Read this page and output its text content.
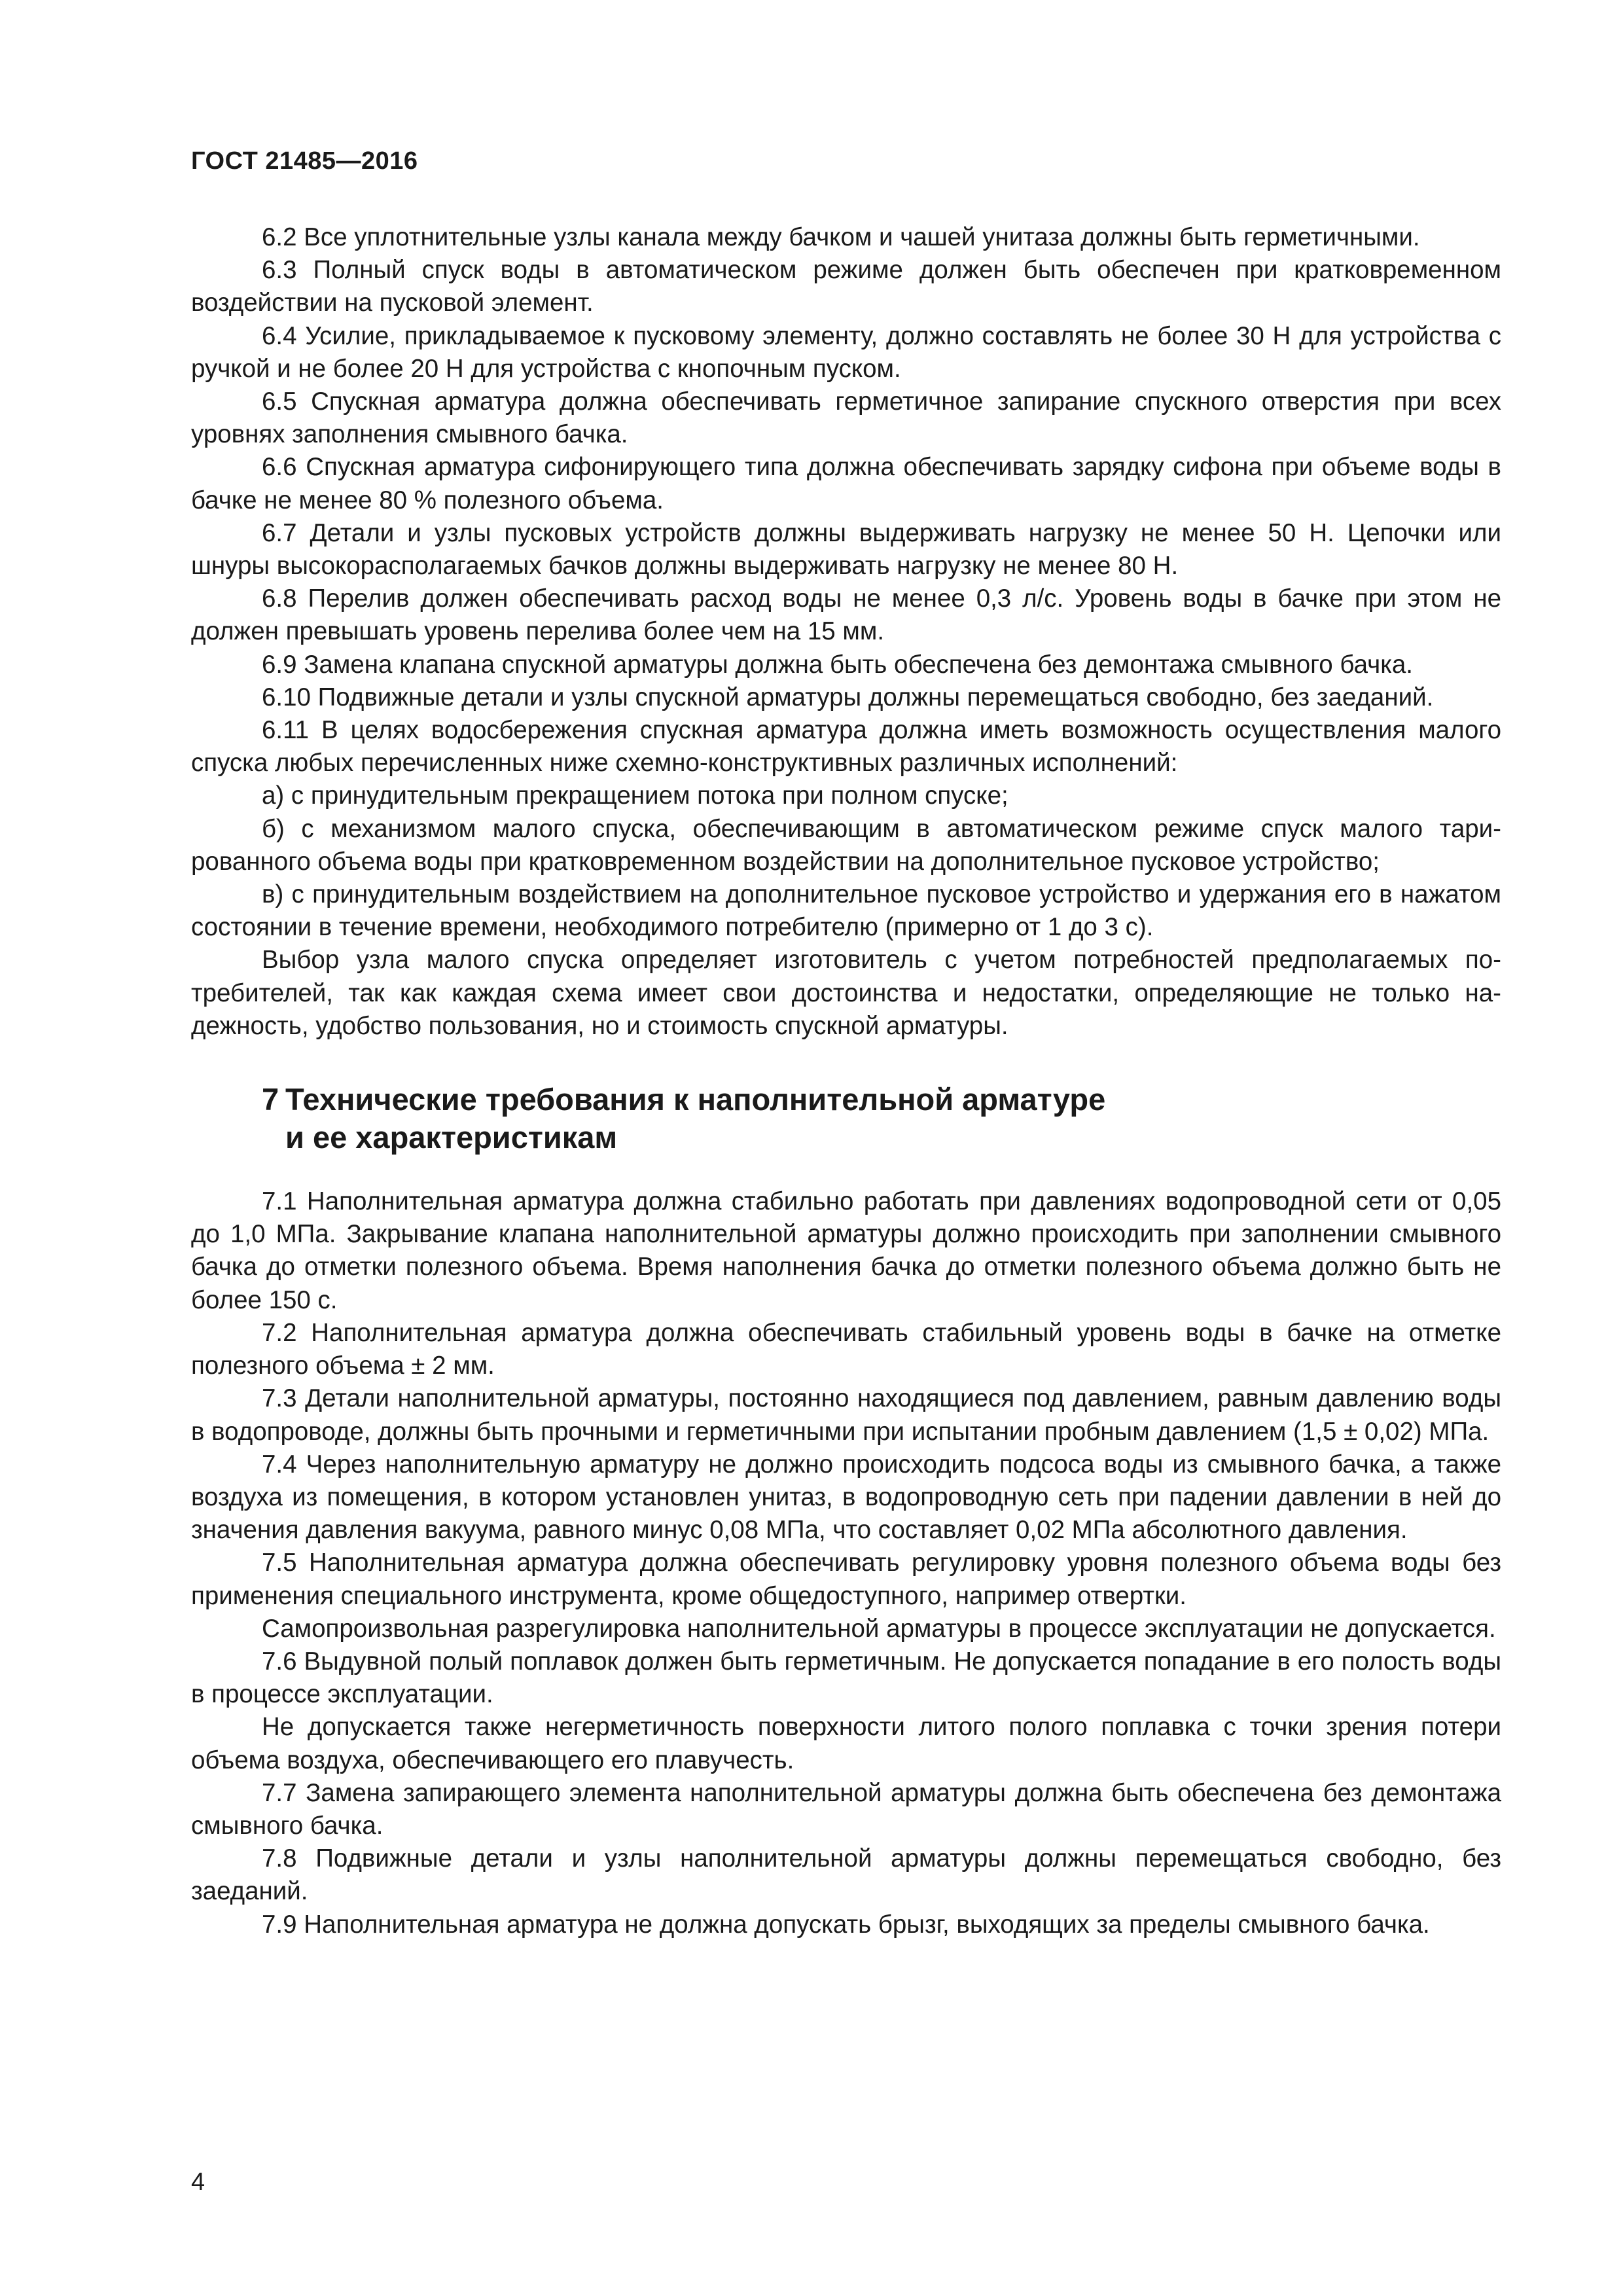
ГОСТ 21485—2016

6.2 Все уплотнительные узлы канала между бачком и чашей унитаза должны быть герметичными.

6.3 Полный спуск воды в автоматическом режиме должен быть обеспечен при кратковременном воздействии на пусковой элемент.

6.4 Усилие, прикладываемое к пусковому элементу, должно составлять не более 30 Н для устройства с ручкой и не более 20 Н для устройства с кнопочным пуском.

6.5 Спускная арматура должна обеспечивать герметичное запирание спускного отверстия при всех уровнях заполнения смывного бачка.

6.6 Спускная арматура сифонирующего типа должна обеспечивать зарядку сифона при объеме воды в бачке не менее 80 % полезного объема.

6.7 Детали и узлы пусковых устройств должны выдерживать нагрузку не менее 50 Н. Цепочки или шнуры высокорасполагаемых бачков должны выдерживать нагрузку не менее 80 Н.

6.8 Перелив должен обеспечивать расход воды не менее 0,3 л/с. Уровень воды в бачке при этом не должен превышать уровень перелива более чем на 15 мм.

6.9 Замена клапана спускной арматуры должна быть обеспечена без демонтажа смывного бачка.

6.10 Подвижные детали и узлы спускной арматуры должны перемещаться свободно, без заеданий.

6.11 В целях водосбережения спускная арматура должна иметь возможность осуществления малого спуска любых перечисленных ниже схемно-конструктивных различных исполнений:

а) с принудительным прекращением потока при полном спуске;

б) с механизмом малого спуска, обеспечивающим в автоматическом режиме спуск малого тарированного объема воды при кратковременном воздействии на дополнительное пусковое устройство;

в) с принудительным воздействием на дополнительное пусковое устройство и удержания его в нажатом состоянии в течение времени, необходимого потребителю (примерно от 1 до 3 с).

Выбор узла малого спуска определяет изготовитель с учетом потребностей предполагаемых потребителей, так как каждая схема имеет свои достоинства и недостатки, определяющие не только надежность, удобство пользования, но и стоимость спускной арматуры.

7 Технические требования к наполнительной арматуре
и ее характеристикам

7.1 Наполнительная арматура должна стабильно работать при давлениях водопроводной сети от 0,05 до 1,0 МПа. Закрывание клапана наполнительной арматуры должно происходить при заполнении смывного бачка до отметки полезного объема. Время наполнения бачка до отметки полезного объема должно быть не более 150 с.

7.2 Наполнительная арматура должна обеспечивать стабильный уровень воды в бачке на отметке полезного объема ± 2 мм.

7.3 Детали наполнительной арматуры, постоянно находящиеся под давлением, равным давлению воды в водопроводе, должны быть прочными и герметичными при испытании пробным давлением (1,5 ± 0,02) МПа.

7.4 Через наполнительную арматуру не должно происходить подсоса воды из смывного бачка, а также воздуха из помещения, в котором установлен унитаз, в водопроводную сеть при падении давлении в ней до значения давления вакуума, равного минус 0,08 МПа, что составляет 0,02 МПа абсолютного давления.

7.5 Наполнительная арматура должна обеспечивать регулировку уровня полезного объема воды без применения специального инструмента, кроме общедоступного, например отвертки.

Самопроизвольная разрегулировка наполнительной арматуры в процессе эксплуатации не допускается.

7.6 Выдувной полый поплавок должен быть герметичным. Не допускается попадание в его полость воды в процессе эксплуатации.

Не допускается также негерметичность поверхности литого полого поплавка с точки зрения потери объема воздуха, обеспечивающего его плавучесть.

7.7 Замена запирающего элемента наполнительной арматуры должна быть обеспечена без демонтажа смывного бачка.

7.8 Подвижные детали и узлы наполнительной арматуры должны перемещаться свободно, без заеданий.

7.9 Наполнительная арматура не должна допускать брызг, выходящих за пределы смывного бачка.

4
